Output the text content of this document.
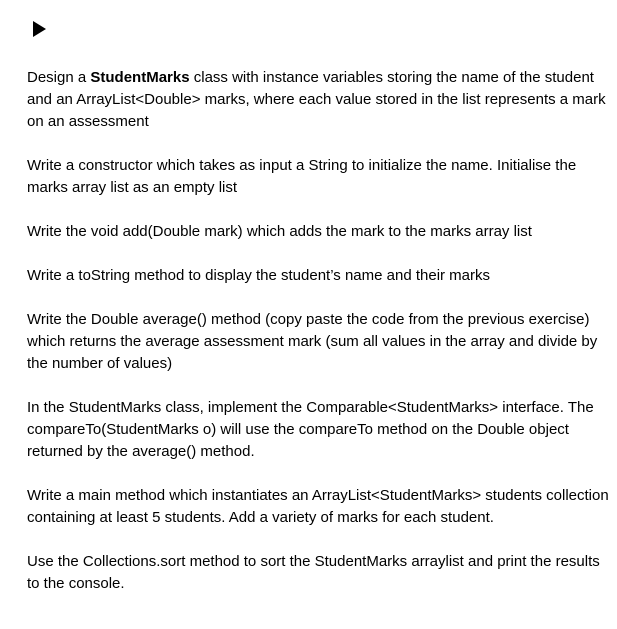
Design a StudentMarks class with instance variables storing the name of the student and an ArrayList<Double> marks, where each value stored in the list represents a mark on an assessment

Write a constructor which takes as input a String to initialize the name. Initialise the marks array list as an empty list

Write the void add(Double mark) which adds the mark to the marks array list

Write a toString method to display the student’s name and their marks

Write the Double average() method (copy paste the code from the previous exercise) which returns the average assessment mark (sum all values in the array and divide by the number of values)

In the StudentMarks class, implement the Comparable<StudentMarks> interface. The compareTo(StudentMarks o) will use the compareTo method on the Double object returned by the average() method.

Write a main method which instantiates an ArrayList<StudentMarks> students collection containing at least 5 students. Add a variety of marks for each student.

Use the Collections.sort method to sort the StudentMarks arraylist and print the results to the console.
